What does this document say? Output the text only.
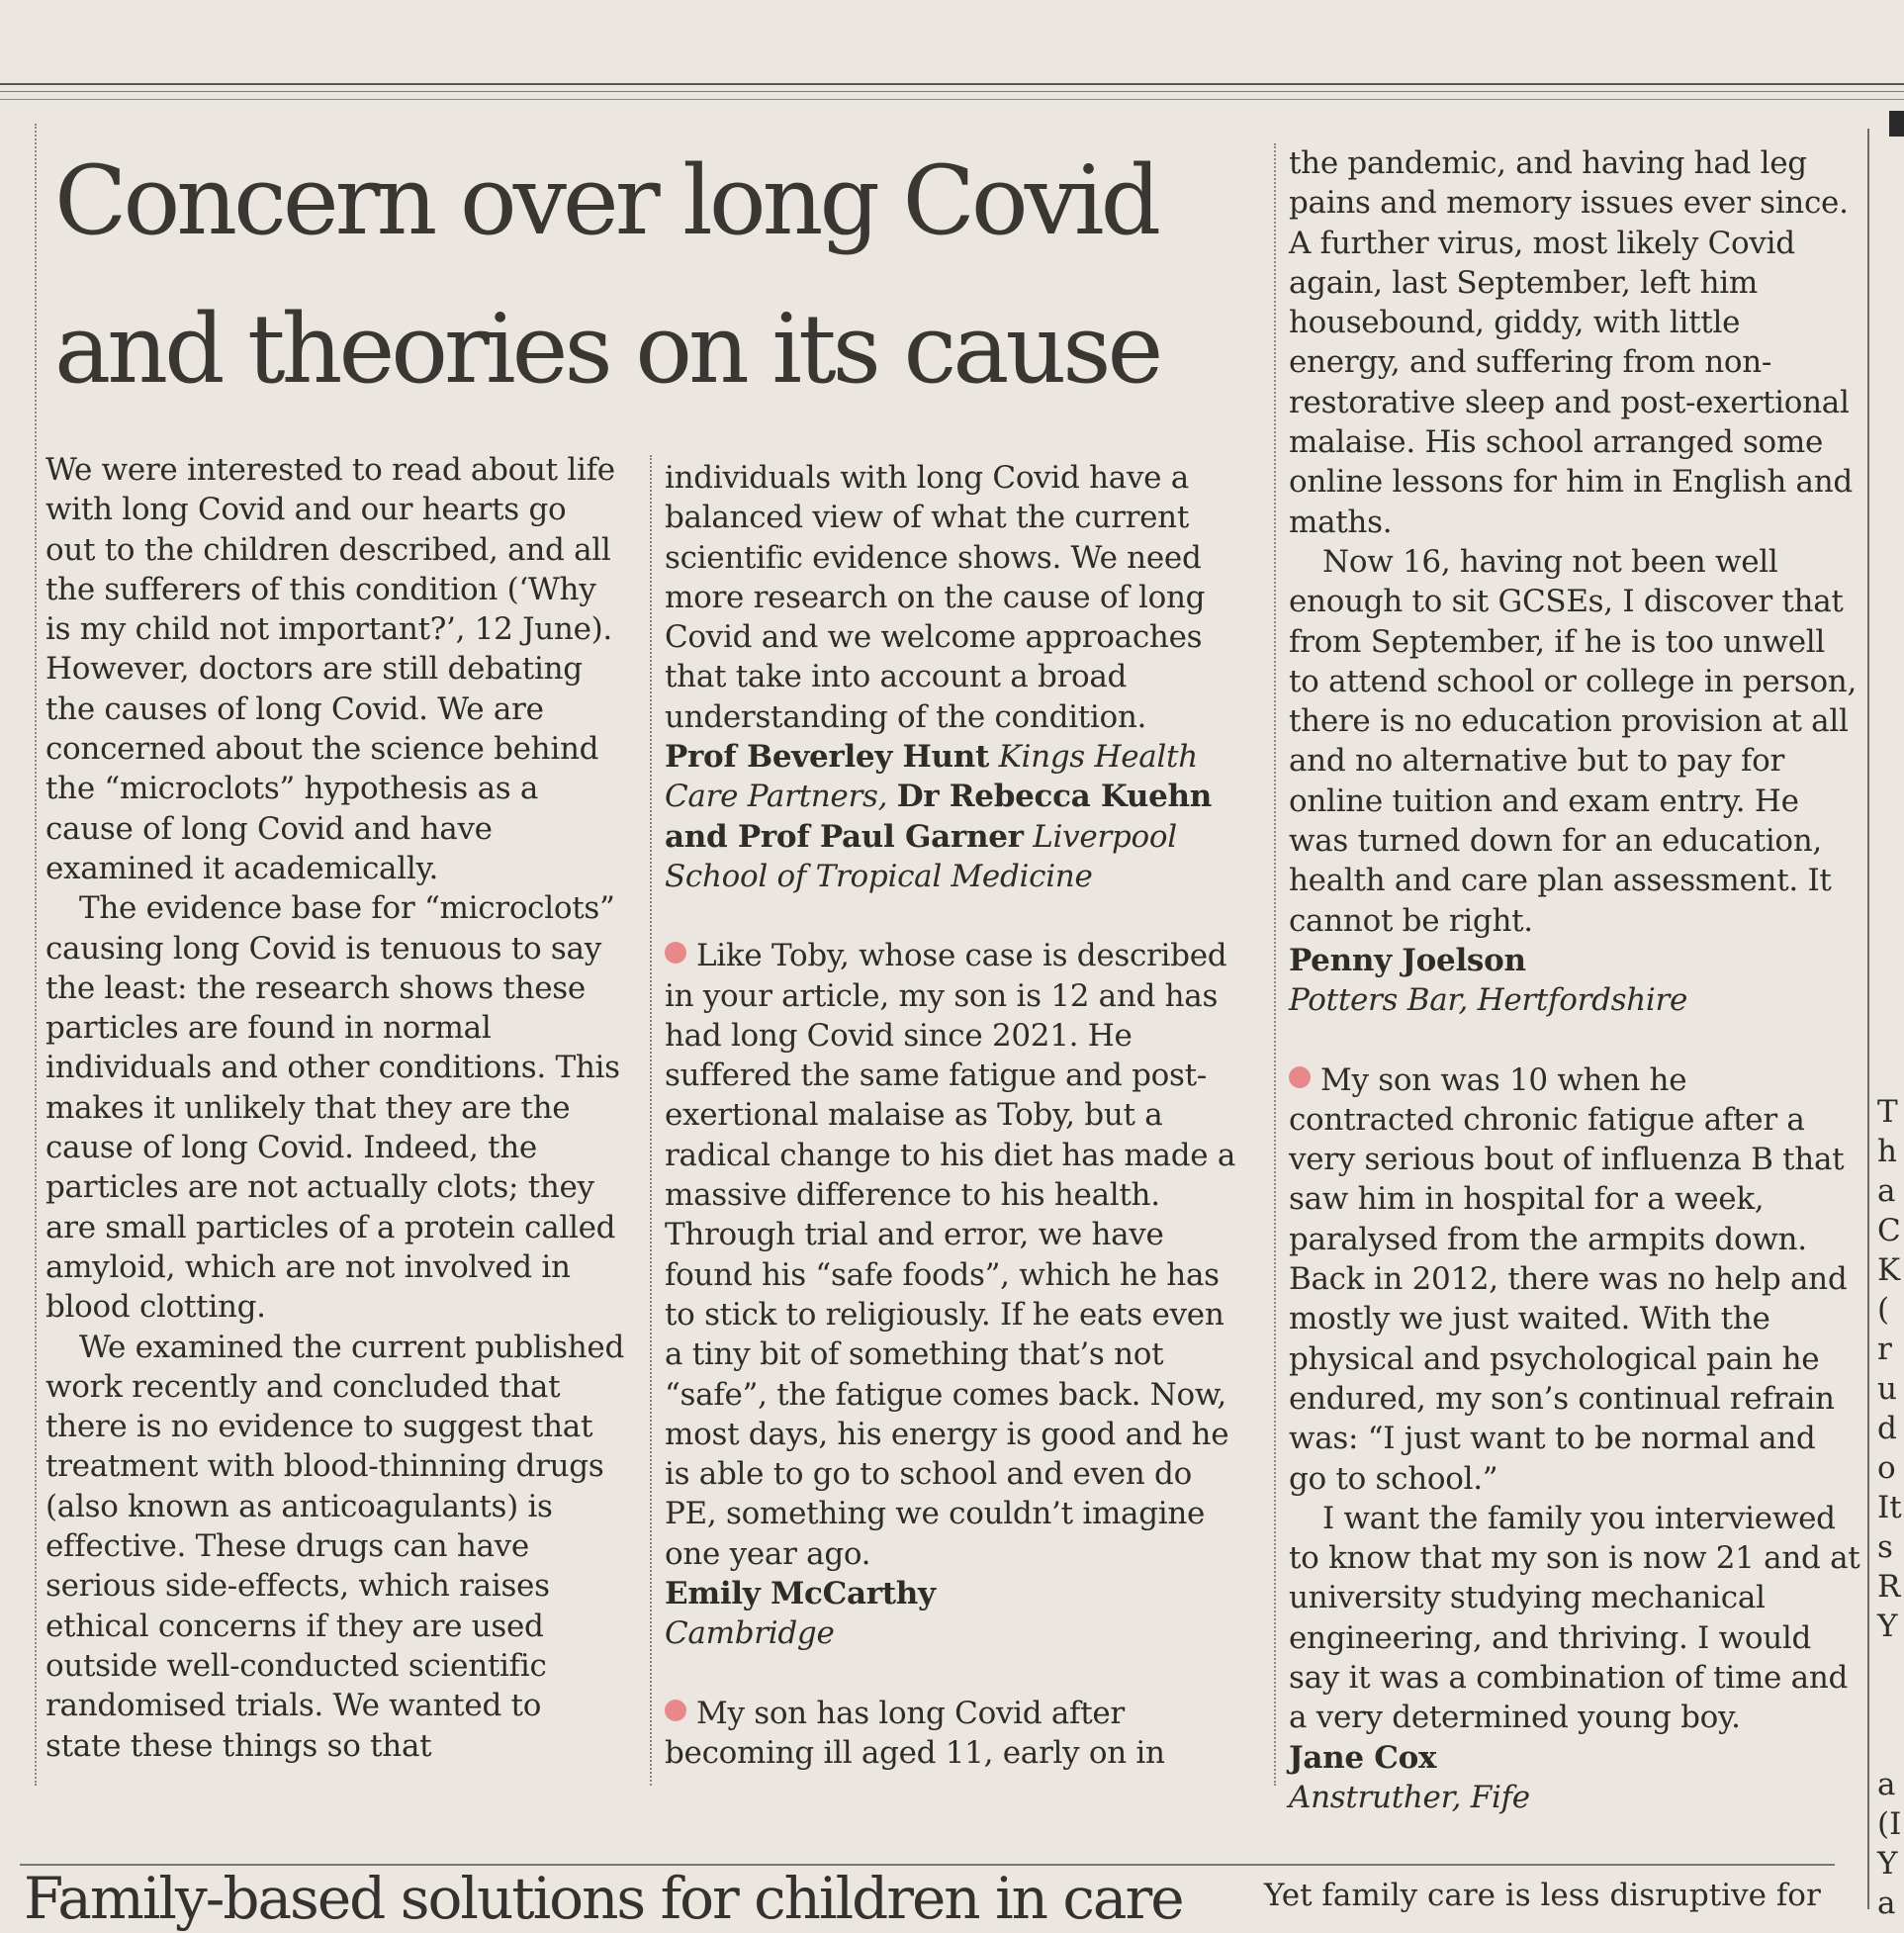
Concern over long Covid
and theories on its cause

We were interested to read about life with long Covid and our hearts go out to the children described, and all the sufferers of this condition (‘Why is my child not important?’, 12 June). However, doctors are still debating the causes of long Covid. We are concerned about the science behind the “microclots” hypothesis as a cause of long Covid and have examined it academically.

The evidence base for “microclots” causing long Covid is tenuous to say the least: the research shows these particles are found in normal individuals and other conditions. This makes it unlikely that they are the cause of long Covid. Indeed, the particles are not actually clots; they are small particles of a protein called amyloid, which are not involved in blood clotting.

We examined the current published work recently and concluded that there is no evidence to suggest that treatment with blood-thinning drugs (also known as anticoagulants) is effective. These drugs can have serious side-effects, which raises ethical concerns if they are used outside well-conducted scientific randomised trials. We wanted to state these things so that

individuals with long Covid have a balanced view of what the current scientific evidence shows. We need more research on the cause of long Covid and we welcome approaches that take into account a broad understanding of the condition.

Prof Beverley Hunt Kings Health Care Partners, Dr Rebecca Kuehn and Prof Paul Garner Liverpool School of Tropical Medicine

Like Toby, whose case is described in your article, my son is 12 and has had long Covid since 2021. He suffered the same fatigue and post-exertional malaise as Toby, but a radical change to his diet has made a massive difference to his health. Through trial and error, we have found his “safe foods”, which he has to stick to religiously. If he eats even a tiny bit of something that’s not “safe”, the fatigue comes back. Now, most days, his energy is good and he is able to go to school and even do PE, something we couldn’t imagine one year ago.

Emily McCarthy

Cambridge

My son has long Covid after becoming ill aged 11, early on in

the pandemic, and having had leg pains and memory issues ever since. A further virus, most likely Covid again, last September, left him housebound, giddy, with little energy, and suffering from non-restorative sleep and post-exertional malaise. His school arranged some online lessons for him in English and maths.

Now 16, having not been well enough to sit GCSEs, I discover that from September, if he is too unwell to attend school or college in person, there is no education provision at all and no alternative but to pay for online tuition and exam entry. He was turned down for an education, health and care plan assessment. It cannot be right.

Penny Joelson

Potters Bar, Hertfordshire

My son was 10 when he contracted chronic fatigue after a very serious bout of influenza B that saw him in hospital for a week, paralysed from the armpits down. Back in 2012, there was no help and mostly we just waited. With the physical and psychological pain he endured, my son’s continual refrain was: “I just want to be normal and go to school.”

I want the family you interviewed to know that my son is now 21 and at university studying mechanical engineering, and thriving. I would say it was a combination of time and a very determined young boy.

Jane Cox

Anstruther, Fife

Family-based solutions for children in care	Yet family care is less disruptive for
T
h
a
C
K
(
r
u
d
o
It
s
R
Y
a
(I
Y
a
